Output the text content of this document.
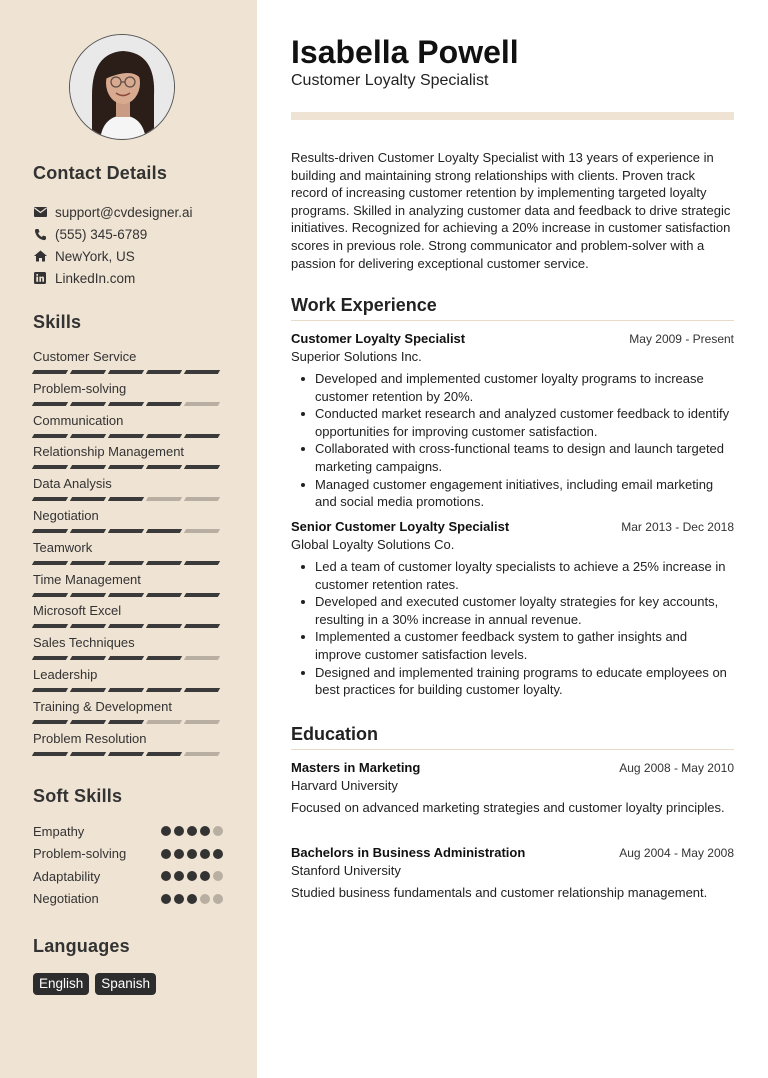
Contact Details
support@cvdesigner.ai
(555) 345-6789
NewYork, US
LinkedIn.com
Skills
Customer Service
Problem-solving
Communication
Relationship Management
Data Analysis
Negotiation
Teamwork
Time Management
Microsoft Excel
Sales Techniques
Leadership
Training & Development
Problem Resolution
Soft Skills
Empathy
Problem-solving
Adaptability
Negotiation
Languages
English	Spanish
Isabella Powell
Customer Loyalty Specialist

Results-driven Customer Loyalty Specialist with 13 years of experience in building and maintaining strong relationships with clients. Proven track record of increasing customer retention by implementing targeted loyalty programs. Skilled in analyzing customer data and feedback to drive strategic initiatives. Recognized for achieving a 20% increase in customer satisfaction scores in previous role. Strong communicator and problem-solver with a passion for delivering exceptional customer service.

Work Experience
Customer Loyalty Specialist	May 2009 - Present
Superior Solutions Inc.
Developed and implemented customer loyalty programs to increase customer retention by 20%.
Conducted market research and analyzed customer feedback to identify opportunities for improving customer satisfaction.
Collaborated with cross-functional teams to design and launch targeted marketing campaigns.
Managed customer engagement initiatives, including email marketing and social media promotions.
Senior Customer Loyalty Specialist	Mar 2013 - Dec 2018
Global Loyalty Solutions Co.
Led a team of customer loyalty specialists to achieve a 25% increase in customer retention rates.
Developed and executed customer loyalty strategies for key accounts, resulting in a 30% increase in annual revenue.
Implemented a customer feedback system to gather insights and improve customer satisfaction levels.
Designed and implemented training programs to educate employees on best practices for building customer loyalty.
Education
Masters in Marketing	Aug 2008 - May 2010
Harvard University
Focused on advanced marketing strategies and customer loyalty principles.
Bachelors in Business Administration	Aug 2004 - May 2008
Stanford University
Studied business fundamentals and customer relationship management.
